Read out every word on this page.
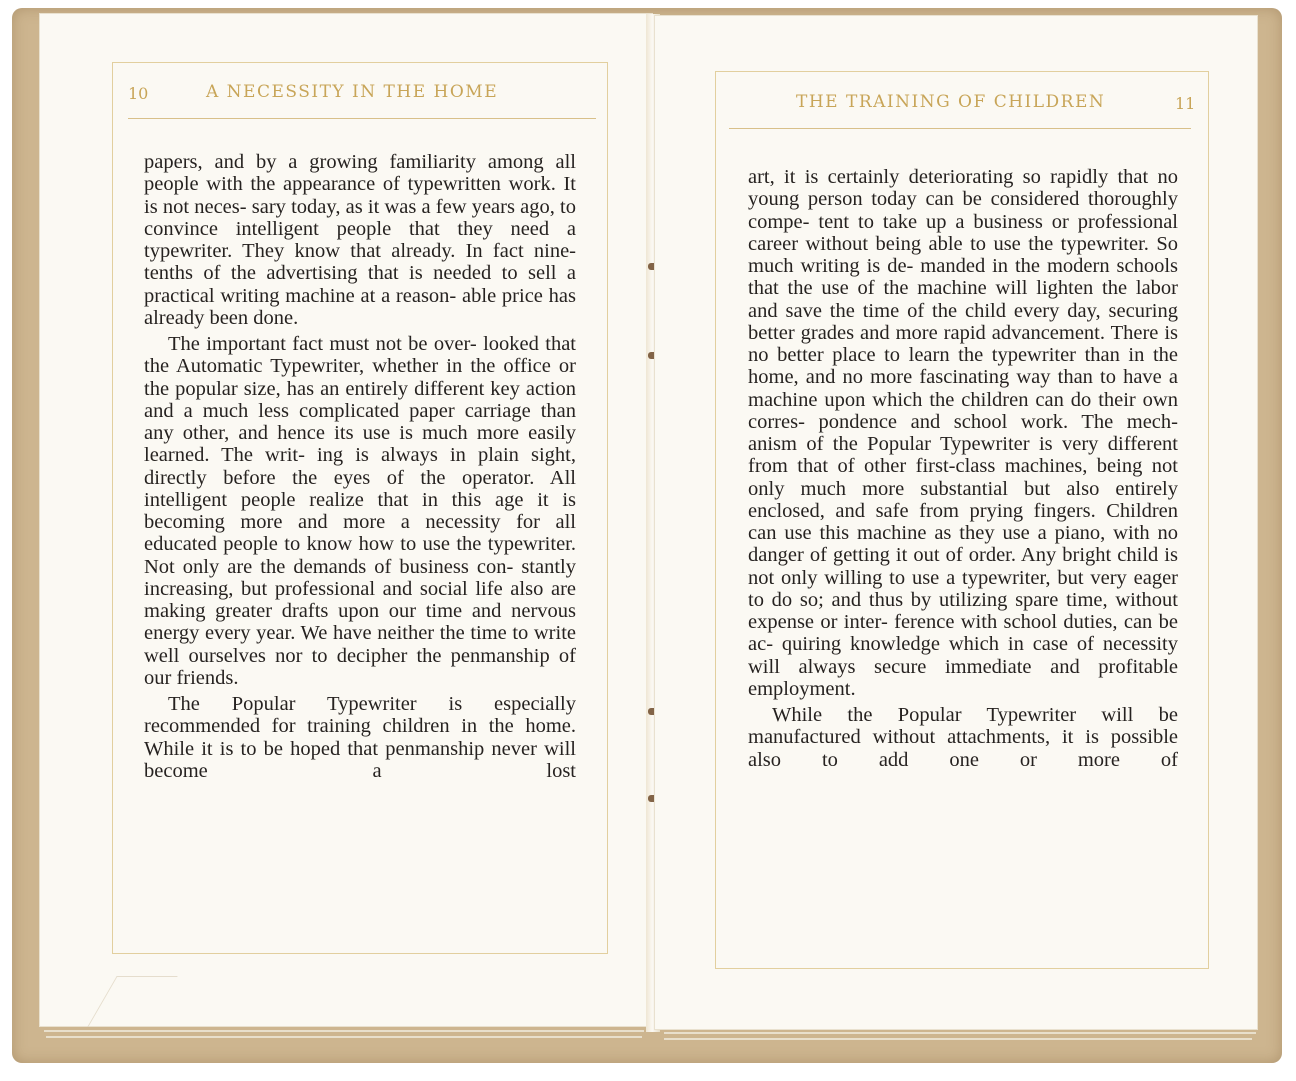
10	A NECESSITY IN THE HOME

papers, and by a growing familiarity among all people with the appearance of typewritten work. It is not neces- sary today, as it was a few years ago, to convince intelligent people that they need a typewriter. They know that already. In fact nine-tenths of the advertising that is needed to sell a practical writing machine at a reason- able price has already been done.

The important fact must not be over- looked that the Automatic Typewriter, whether in the office or the popular size, has an entirely different key action and a much less complicated paper carriage than any other, and hence its use is much more easily learned. The writ- ing is always in plain sight, directly before the eyes of the operator. All intelligent people realize that in this age it is becoming more and more a necessity for all educated people to know how to use the typewriter. Not only are the demands of business con- stantly increasing, but professional and social life also are making greater drafts upon our time and nervous energy every year. We have neither the time to write well ourselves nor to decipher the penmanship of our friends.

The Popular Typewriter is especially recommended for training children in the home. While it is to be hoped that penmanship never will become a lost

THE TRAINING OF CHILDREN	11

art, it is certainly deteriorating so rapidly that no young person today can be considered thoroughly compe- tent to take up a business or professional career without being able to use the typewriter. So much writing is de- manded in the modern schools that the use of the machine will lighten the labor and save the time of the child every day, securing better grades and more rapid advancement. There is no better place to learn the typewriter than in the home, and no more fascinating way than to have a machine upon which the children can do their own corres- pondence and school work. The mech- anism of the Popular Typewriter is very different from that of other first-class machines, being not only much more substantial but also entirely enclosed, and safe from prying fingers. Children can use this machine as they use a piano, with no danger of getting it out of order. Any bright child is not only willing to use a typewriter, but very eager to do so; and thus by utilizing spare time, without expense or inter- ference with school duties, can be ac- quiring knowledge which in case of necessity will always secure immediate and profitable employment.

While the Popular Typewriter will be manufactured without attachments, it is possible also to add one or more of
